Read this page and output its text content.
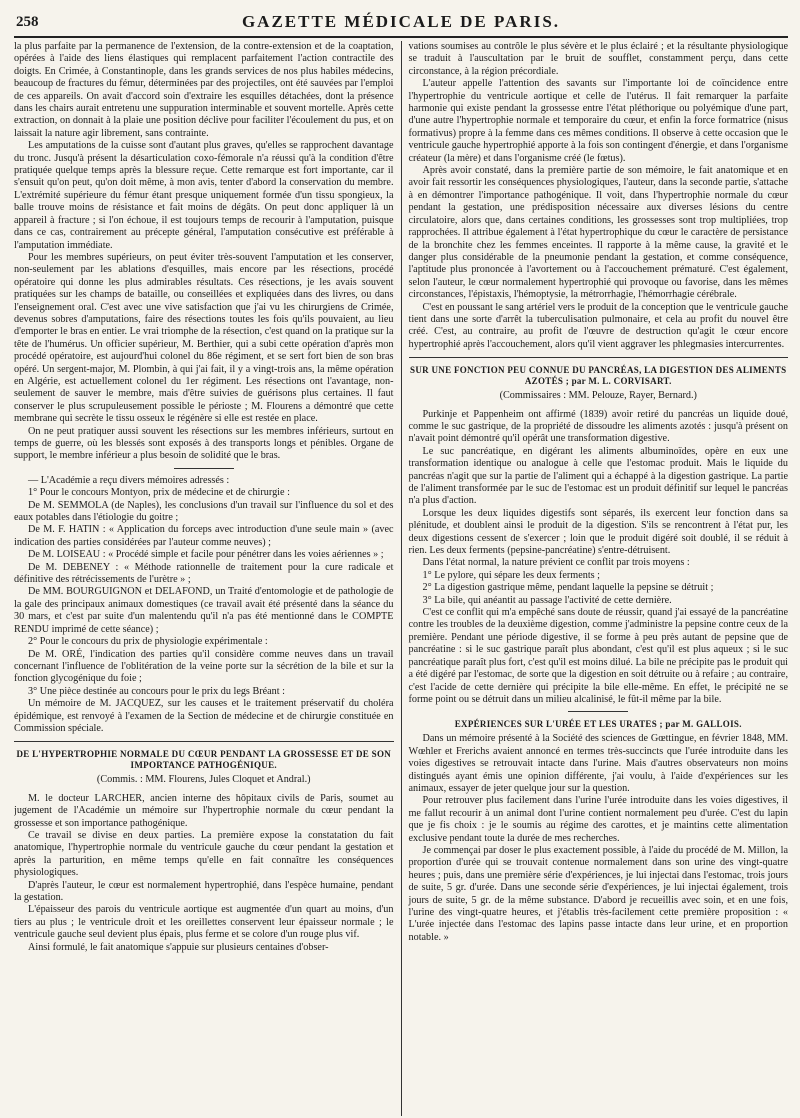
258	GAZETTE MÉDICALE DE PARIS.

la plus parfaite par la permanence de l'extension, de la contre-extension et de la coaptation, opérées à l'aide des liens élastiques qui remplacent parfaitement l'action contractile des doigts. En Crimée, à Constantinople, dans les grands services de nos plus habiles médecins, beaucoup de fractures du fémur, déterminées par des projectiles, ont été sauvées par l'emploi de ces appareils. On avait d'accord soin d'extraire les esquilles détachées, dont la présence dans les chairs aurait entretenu une suppuration interminable et souvent mortelle. Après cette extraction, on donnait à la plaie une position déclive pour faciliter l'écoulement du pus, et on laissait la nature agir librement, sans contrainte.

Les amputations de la cuisse sont d'autant plus graves, qu'elles se rapprochent davantage du tronc. Jusqu'à présent la désarticulation coxo-fémorale n'a réussi qu'à la condition d'être pratiquée quelque temps après la blessure reçue. Cette remarque est fort importante, car il s'ensuit qu'on peut, qu'on doit même, à mon avis, tenter d'abord la conservation du membre. L'extrémité supérieure du fémur étant presque uniquement formée d'un tissu spongieux, la balle trouve moins de résistance et fait moins de dégâts. On peut donc appliquer là un appareil à fracture ; si l'on échoue, il est toujours temps de recourir à l'amputation, puisque dans ce cas, contrairement au précepte général, l'amputation consécutive est préférable à l'amputation immédiate.

Pour les membres supérieurs, on peut éviter très-souvent l'amputation et les conserver, non-seulement par les ablations d'esquilles, mais encore par les résections, procédé opératoire qui donne les plus admirables résultats. Ces résections, je les avais souvent pratiquées sur les champs de bataille, ou conseillées et expliquées dans des livres, ou dans l'enseignement oral. C'est avec une vive satisfaction que j'ai vu les chirurgiens de Crimée, devenus sobres d'amputations, faire des résections toutes les fois qu'ils pouvaient, au lieu d'emporter le bras en entier. Le vrai triomphe de la résection, c'est quand on la pratique sur la tête de l'humérus. Un officier supérieur, M. Berthier, qui a subi cette opération d'après mon procédé opératoire, est aujourd'hui colonel du 86e régiment, et se sert fort bien de son bras opéré. Un sergent-major, M. Plombin, à qui j'ai fait, il y a vingt-trois ans, la même opération en Algérie, est actuellement colonel du 1er régiment. Les résections ont l'avantage, non-seulement de sauver le membre, mais d'être suivies de guérisons plus certaines. Il faut conserver le plus scrupuleusement possible le périoste ; M. Flourens a démontré que cette membrane qui secrète le tissu osseux le régénère si elle est restée en place.

On ne peut pratiquer aussi souvent les résections sur les membres inférieurs, surtout en temps de guerre, où les blessés sont exposés à des transports longs et pénibles. Organe de support, le membre inférieur a plus besoin de solidité que le bras.

— L'Académie a reçu divers mémoires adressés :

1° Pour le concours Montyon, prix de médecine et de chirurgie :

De M. SEMMOLA (de Naples), les conclusions d'un travail sur l'influence du sol et des eaux potables dans l'étiologie du goitre ;

De M. F. HATIN : « Application du forceps avec introduction d'une seule main » (avec indication des parties considérées par l'auteur comme neuves) ;

De M. LOISEAU : « Procédé simple et facile pour pénétrer dans les voies aériennes » ;

De M. DEBENEY : « Méthode rationnelle de traitement pour la cure radicale et définitive des rétrécissements de l'urètre » ;

De MM. BOURGUIGNON et DELAFOND, un Traité d'entomologie et de pathologie de la gale des principaux animaux domestiques (ce travail avait été présenté dans la séance du 30 mars, et c'est par suite d'un malentendu qu'il n'a pas été mentionné dans le COMPTE RENDU imprimé de cette séance) ;

2° Pour le concours du prix de physiologie expérimentale :

De M. ORÉ, l'indication des parties qu'il considère comme neuves dans un travail concernant l'influence de l'oblitération de la veine porte sur la sécrétion de la bile et sur la fonction glycogénique du foie ;

3° Une pièce destinée au concours pour le prix du legs Bréant :

Un mémoire de M. JACQUEZ, sur les causes et le traitement préservatif du choléra épidémique, est renvoyé à l'examen de la Section de médecine et de chirurgie constituée en Commission spéciale.

DE L'HYPERTROPHIE NORMALE DU CŒUR PENDANT LA GROSSESSE ET DE SON IMPORTANCE PATHOGÉNIQUE.
(Commis. : MM. Flourens, Jules Cloquet et Andral.)

M. le docteur LARCHER, ancien interne des hôpitaux civils de Paris, soumet au jugement de l'Académie un mémoire sur l'hypertrophie normale du cœur pendant la grossesse et son importance pathogénique.

Ce travail se divise en deux parties. La première expose la constatation du fait anatomique, l'hypertrophie normale du ventricule gauche du cœur pendant la gestation et après la parturition, en même temps qu'elle en fait connaître les conséquences physiologiques.

D'après l'auteur, le cœur est normalement hypertrophié, dans l'espèce humaine, pendant la gestation.

L'épaisseur des parois du ventricule aortique est augmentée d'un quart au moins, d'un tiers au plus ; le ventricule droit et les oreillettes conservent leur épaisseur normale ; le ventricule gauche seul devient plus épais, plus ferme et se colore d'un rouge plus vif.

Ainsi formulé, le fait anatomique s'appuie sur plusieurs centaines d'obser-

vations soumises au contrôle le plus sévère et le plus éclairé ; et la résultante physiologique se traduit à l'auscultation par le bruit de soufflet, constamment perçu, dans cette circonstance, à la région précordiale.

L'auteur appelle l'attention des savants sur l'importante loi de coïncidence entre l'hypertrophie du ventricule aortique et celle de l'utérus. Il fait remarquer la parfaite harmonie qui existe pendant la grossesse entre l'état pléthorique ou polyémique d'une part, d'une autre l'hypertrophie normale et temporaire du cœur, et enfin la force formatrice (nisus formativus) propre à la femme dans ces mêmes conditions. Il observe à cette occasion que le ventricule gauche hypertrophié apporte à la fois son contingent d'énergie, et dans l'organisme créateur (la mère) et dans l'organisme créé (le fœtus).

Après avoir constaté, dans la première partie de son mémoire, le fait anatomique et en avoir fait ressortir les conséquences physiologiques, l'auteur, dans la seconde partie, s'attache à en démontrer l'importance pathogénique. Il voit, dans l'hypertrophie normale du cœur pendant la gestation, une prédisposition nécessaire aux diverses lésions du centre circulatoire, alors que, dans certaines conditions, les grossesses sont trop multipliées, trop rapprochées. Il attribue également à l'état hypertrophique du cœur le caractère de persistance de la bronchite chez les femmes enceintes. Il rapporte à la même cause, la gravité et le danger plus considérable de la pneumonie pendant la gestation, et comme conséquence, l'aptitude plus prononcée à l'avortement ou à l'accouchement prématuré. C'est également, selon l'auteur, le cœur normalement hypertrophié qui provoque ou favorise, dans les mêmes circonstances, l'épistaxis, l'hémoptysie, la métrorrhagie, l'hémorrhagie cérébrale.

C'est en poussant le sang artériel vers le produit de la conception que le ventricule gauche tient dans une sorte d'arrêt la tuberculisation pulmonaire, et cela au profit du nouvel être créé. C'est, au contraire, au profit de l'œuvre de destruction qu'agit le cœur encore hypertrophié après l'accouchement, alors qu'il vient aggraver les phlegmasies intercurrentes.

SUR UNE FONCTION PEU CONNUE DU PANCRÉAS, LA DIGESTION DES ALIMENTS AZOTÉS ; par M. L. CORVISART.
(Commissaires : MM. Pelouze, Rayer, Bernard.)

Purkinje et Pappenheim ont affirmé (1839) avoir retiré du pancréas un liquide doué, comme le suc gastrique, de la propriété de dissoudre les aliments azotés : jusqu'à présent on n'avait point démontré qu'il opérât une transformation digestive.

Le suc pancréatique, en digérant les aliments albuminoïdes, opère en eux une transformation identique ou analogue à celle que l'estomac produit. Mais le liquide du pancréas n'agit que sur la partie de l'aliment qui a échappé à la digestion gastrique. La partie de l'aliment transformée par le suc de l'estomac est un produit définitif sur lequel le pancréas n'a plus d'action.

Lorsque les deux liquides digestifs sont séparés, ils exercent leur fonction dans sa plénitude, et doublent ainsi le produit de la digestion. S'ils se rencontrent à l'état pur, les deux digestions cessent de s'exercer ; loin que le produit digéré soit doublé, il se réduit à rien. Les deux ferments (pepsine-pancréatine) s'entre-détruisent.

Dans l'état normal, la nature prévient ce conflit par trois moyens :

1° Le pylore, qui sépare les deux ferments ;

2° La digestion gastrique même, pendant laquelle la pepsine se détruit ;

3° La bile, qui anéantit au passage l'activité de cette dernière.

C'est ce conflit qui m'a empêché sans doute de réussir, quand j'ai essayé de la pancréatine contre les troubles de la deuxième digestion, comme j'administre la pepsine contre ceux de la première. Pendant une période digestive, il se forme à peu près autant de pepsine que de pancréatine : si le suc gastrique paraît plus abondant, c'est qu'il est plus aqueux ; si le suc pancréatique paraît plus fort, c'est qu'il est moins dilué. La bile ne précipite pas le produit qui a été digéré par l'estomac, de sorte que la digestion en soit détruite ou à refaire ; au contraire, c'est l'acide de cette dernière qui précipite la bile elle-même. En effet, le précipité ne se forme point ou se détruit dans un milieu alcalinisé, le fût-il même par la bile.

EXPÉRIENCES SUR L'URÉE ET LES URATES ; par M. GALLOIS.

Dans un mémoire présenté à la Société des sciences de Gœttingue, en février 1848, MM. Wœhler et Frerichs avaient annoncé en termes très-succincts que l'urée introduite dans les voies digestives se retrouvait intacte dans l'urine. Mais d'autres observateurs non moins distingués ayant émis une opinion différente, j'ai voulu, à l'aide d'expériences sur les animaux, essayer de jeter quelque jour sur la question.

Pour retrouver plus facilement dans l'urine l'urée introduite dans les voies digestives, il me fallut recourir à un animal dont l'urine contient normalement peu d'urée. C'est du lapin que je fis choix : je le soumis au régime des carottes, et je maintins cette alimentation exclusive pendant toute la durée de mes recherches.

Je commençai par doser le plus exactement possible, à l'aide du procédé de M. Millon, la proportion d'urée qui se trouvait contenue normalement dans son urine des vingt-quatre heures ; puis, dans une première série d'expériences, je lui injectai dans l'estomac, trois jours de suite, 5 gr. d'urée. Dans une seconde série d'expériences, je lui injectai également, trois jours de suite, 5 gr. de la même substance. D'abord je recueillis avec soin, et en une fois, l'urine des vingt-quatre heures, et j'établis très-facilement cette première proposition : « L'urée injectée dans l'estomac des lapins passe intacte dans leur urine, et en proportion notable. »
